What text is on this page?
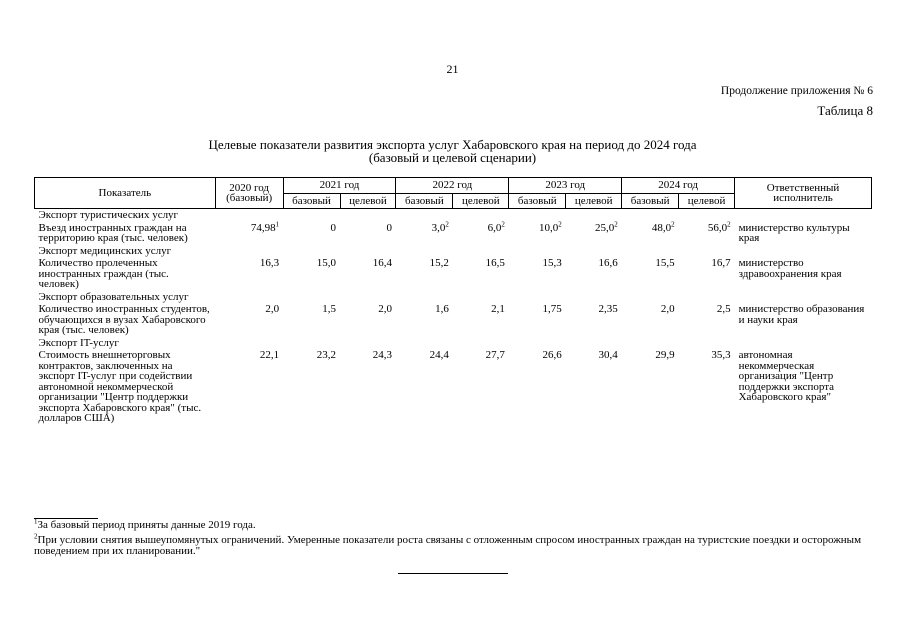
21
Продолжение приложения № 6
Таблица 8
Целевые показатели развития экспорта услуг Хабаровского края на период до 2024 года
(базовый и целевой сценарии)
Показатель	2020 год (базовый)	2021 год		2022 год		2023 год		2024 год		Ответственный исполнитель
		базовый	целевой	базовый	целевой	базовый	целевой	базовый	целевой	
Экспорт туристических услуг										
Въезд иностранных граждан на территорию края (тыс. человек)	74,98$^1$	0	0	$3,0^2$	$6,0^2$	10,0$^2$	25,0$^2$	48,0$^2$	56,0$^2$	министерство культуры края
Экспорт медицинских услуг										
Количество пролеченных иностранных граждан (тыс. человек)	16,3	15,0	16,4	15,2	16,5	15,3	16,6	15,5	16,7	министерство здравоохранения края
Экспорт образовательных услуг										
Количество иностранных студентов, обучающихся в вузах Хабаровского края (тыс. человек)	2,0	1,5	2,0	1,6	2,1	1,75	2,35	2,0	2,5	министерство образования и науки края
Экспорт IT-услуг										
Стоимость внешнеторговых контрактов, заключенных на экспорт IT-услуг при содействии автономной некоммерческой организации "Центр поддержки экспорта Хабаровского края" (тыс. долларов США)	22,1	23,2	24,3	24,4	27,7	26,6	30,4	29,9	35,3	автономная некоммерческая организация "Центр поддержки экспорта Хабаровского края"
$^1$За базовый период приняты данные 2019 года.
$^2$При условии снятия вышеупомянутых ограничений. Умеренные показатели роста связаны с отложенным спросом иностранных граждан на туристские поездки и осторожным поведением при их планировании."
